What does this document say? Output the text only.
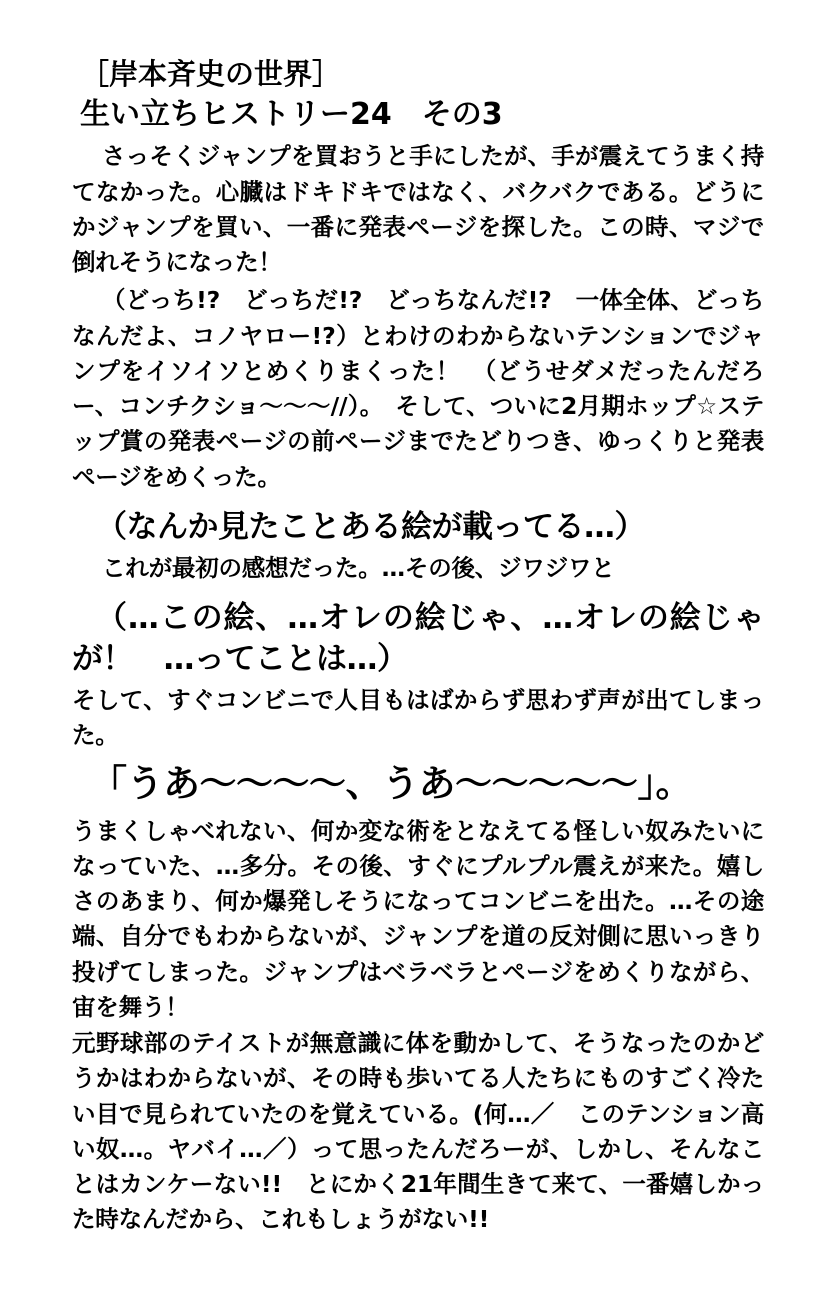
［岸本斉史の世界］
生い立ちヒストリー24　その3

さっそくジャンプを買おうと手にしたが、手が震えてうまく持てなかった。心臓はドキドキではなく、バクバクである。どうにかジャンプを買い、一番に発表ページを探した。この時、マジで倒れそうになった！

（どっち!?　どっちだ!?　どっちなんだ!?　一体全体、どっちなんだよ、コノヤロー!?）とわけのわからないテンションでジャンプをイソイソとめくりまくった！　（どうせダメだったんだろー、コンチクショ〜〜〜//）。　そして、ついに2月期ホップ☆ステップ賞の発表ページの前ページまでたどりつき、ゆっくりと発表ページをめくった。

（なんか見たことある絵が載ってる…）

これが最初の感想だった。…その後、ジワジワと

（…この絵、…オレの絵じゃ、…オレの絵じゃが！　…ってことは…）

そして、すぐコンビニで人目もはばからず思わず声が出てしまった。

「うあ〜〜〜〜、うあ〜〜〜〜〜」。

うまくしゃべれない、何か変な術をとなえてる怪しい奴みたいになっていた、…多分。その後、すぐにプルプル震えが来た。嬉しさのあまり、何か爆発しそうになってコンビニを出た。…その途端、自分でもわからないが、ジャンプを道の反対側に思いっきり投げてしまった。ジャンプはベラベラとページをめくりながら、宙を舞う！

元野球部のテイストが無意識に体を動かして、そうなったのかどうかはわからないが、その時も歩いてる人たちにものすごく冷たい目で見られていたのを覚えている。(何…／　このテンション高い奴…。ヤバイ…／）って思ったんだろーが、しかし、そんなことはカンケーない!!　とにかく21年間生きて来て、一番嬉しかった時なんだから、これもしょうがない!!
